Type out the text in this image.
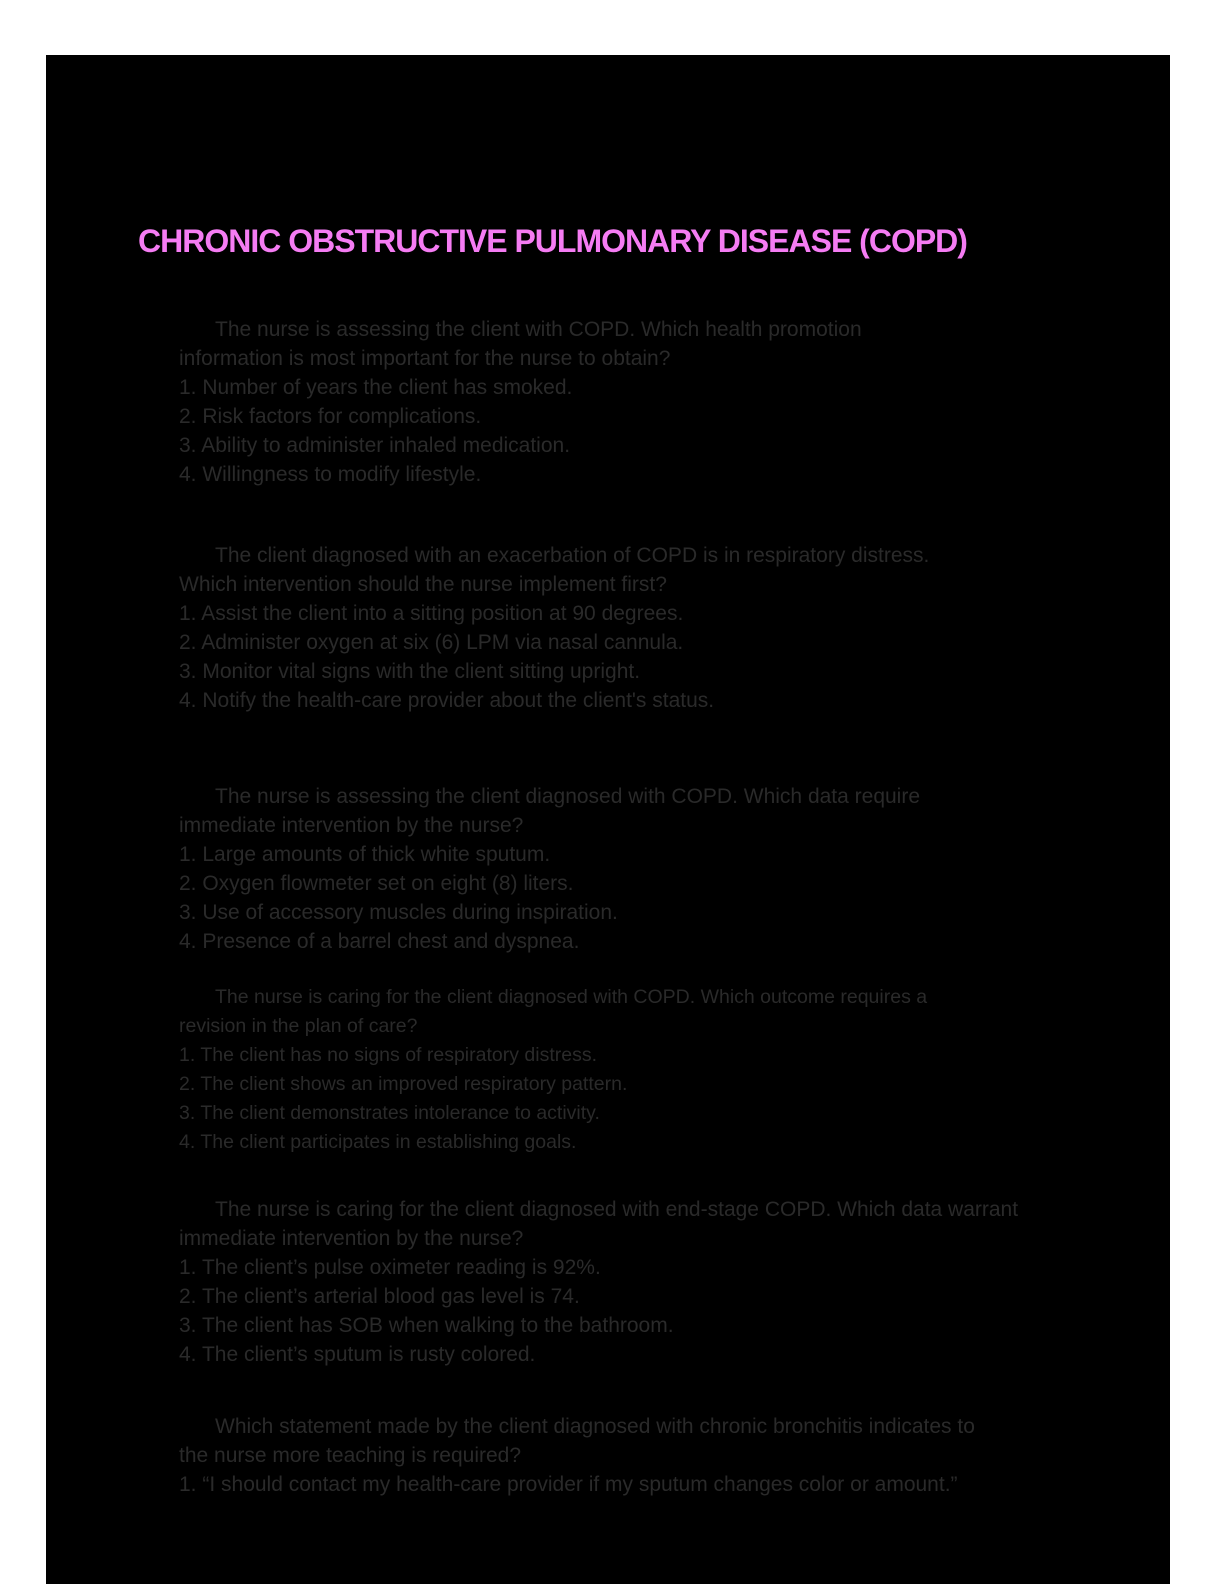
CHRONIC OBSTRUCTIVE PULMONARY DISEASE (COPD)
The nurse is assessing the client with COPD. Which health promotion
information is most important for the nurse to obtain?
1. Number of years the client has smoked.
2. Risk factors for complications.
3. Ability to administer inhaled medication.
4. Willingness to modify lifestyle.
The client diagnosed with an exacerbation of COPD is in respiratory distress.
Which intervention should the nurse implement first?
1. Assist the client into a sitting position at 90 degrees.
2. Administer oxygen at six (6) LPM via nasal cannula.
3. Monitor vital signs with the client sitting upright.
4. Notify the health-care provider about the client's status.
The nurse is assessing the client diagnosed with COPD. Which data require
immediate intervention by the nurse?
1. Large amounts of thick white sputum.
2. Oxygen flowmeter set on eight (8) liters.
3. Use of accessory muscles during inspiration.
4. Presence of a barrel chest and dyspnea.
The nurse is caring for the client diagnosed with COPD. Which outcome requires a
revision in the plan of care?
1. The client has no signs of respiratory distress.
2. The client shows an improved respiratory pattern.
3. The client demonstrates intolerance to activity.
4. The client participates in establishing goals.
The nurse is caring for the client diagnosed with end-stage COPD. Which data warrant
immediate intervention by the nurse?
1. The client’s pulse oximeter reading is 92%.
2. The client’s arterial blood gas level is 74.
3. The client has SOB when walking to the bathroom.
4. The client’s sputum is rusty colored.
Which statement made by the client diagnosed with chronic bronchitis indicates to
the nurse more teaching is required?
1. “I should contact my health-care provider if my sputum changes color or amount.”
